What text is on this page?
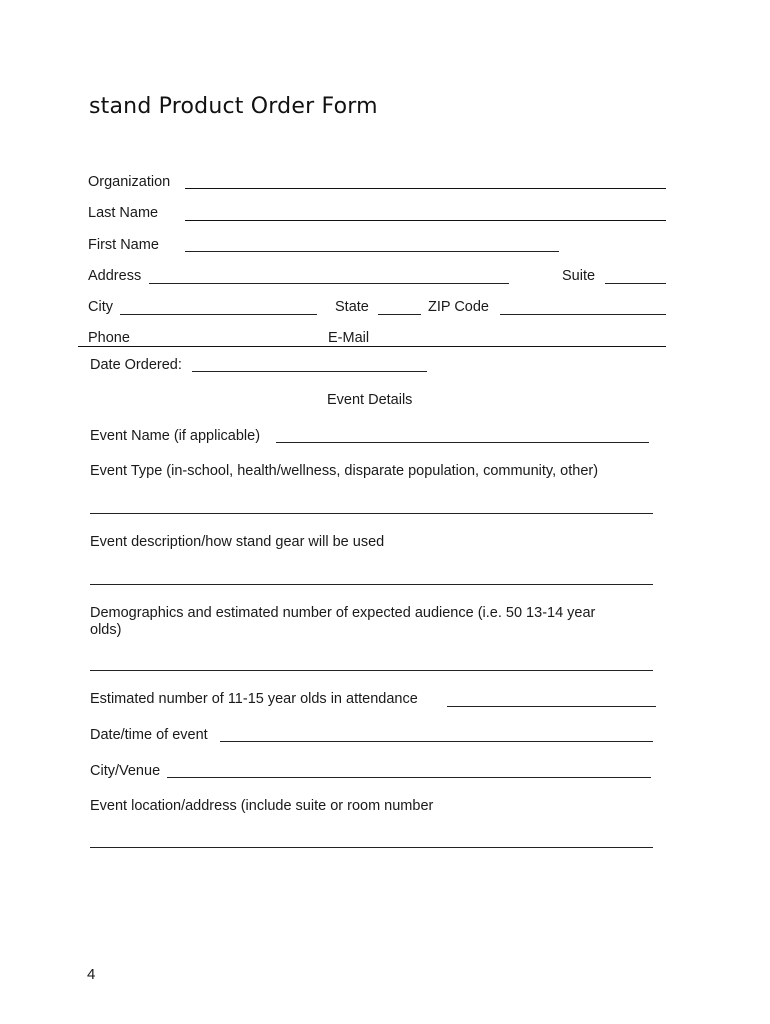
stand Product Order Form
Organization
Last Name
First Name
Address	Suite
City	State	ZIP Code
Phone	E-Mail
Date Ordered:
Event Details
Event Name (if applicable)
Event Type (in-school, health/wellness, disparate population, community, other)
Event description/how stand gear will be used
Demographics and estimated number of expected audience (i.e. 50 13-14 year
olds)
Estimated number of 11-15 year olds in attendance
Date/time of event
City/Venue
Event location/address (include suite or room number
4
